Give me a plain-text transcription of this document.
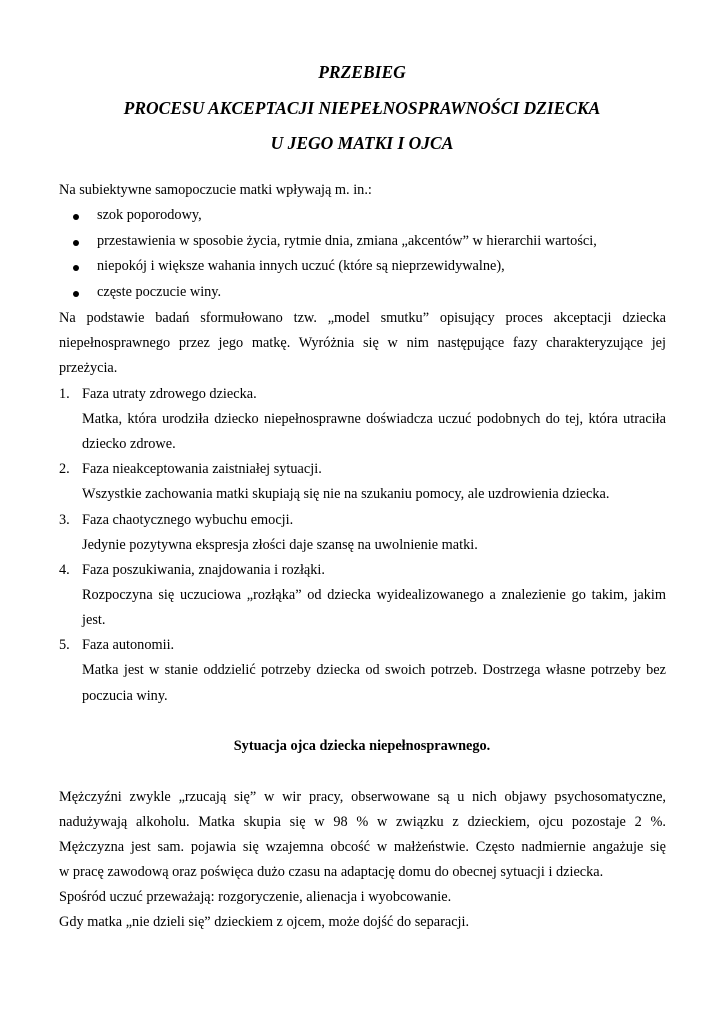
PRZEBIEG
PROCESU AKCEPTACJI NIEPEŁNOSPRAWNOŚCI DZIECKA
U JEGO MATKI I OJCA
Na subiektywne samopoczucie matki wpływają m. in.:
szok poporodowy,
przestawienia w sposobie życia, rytmie dnia, zmiana „akcentów” w hierarchii wartości,
niepokój i większe wahania innych uczuć (które są nieprzewidywalne),
częste poczucie winy.
Na podstawie badań sformułowano tzw. „model smutku” opisujący proces akceptacji dziecka
niepełnosprawnego przez jego matkę. Wyróżnia się w nim następujące fazy charakteryzujące jej
przeżycia.
1. Faza utraty zdrowego dziecka.
Matka, która urodziła dziecko niepełnosprawne doświadcza uczuć podobnych do tej, która utraciła
dziecko zdrowe.
2. Faza nieakceptowania zaistniałej sytuacji.
Wszystkie zachowania matki skupiają się nie na szukaniu pomocy, ale uzdrowienia dziecka.
3. Faza chaotycznego wybuchu emocji.
Jedynie pozytywna ekspresja złości daje szansę na uwolnienie matki.
4. Faza poszukiwania, znajdowania i rozłąki.
Rozpoczyna się uczuciowa „rozłąka” od dziecka wyidealizowanego a znalezienie go takim, jakim
jest.
5. Faza autonomii.
Matka jest w stanie oddzielić potrzeby dziecka od swoich potrzeb. Dostrzega własne potrzeby bez
poczucia winy.
Sytuacja ojca dziecka niepełnosprawnego.
Mężczyźni zwykle „rzucają się” w wir pracy, obserwowane są u nich objawy psychosomatyczne,
nadużywają alkoholu. Matka skupia się w 98 % w związku z dzieckiem, ojcu pozostaje 2 %.
Mężczyzna jest sam. pojawia się wzajemna obcość w małżeństwie. Często nadmiernie angażuje się
w pracę zawodową oraz poświęca dużo czasu na adaptację domu do obecnej sytuacji i dziecka.
Spośród uczuć przeważają: rozgoryczenie, alienacja i wyobcowanie.
Gdy matka „nie dzieli się” dzieckiem z ojcem, może dojść do separacji.
